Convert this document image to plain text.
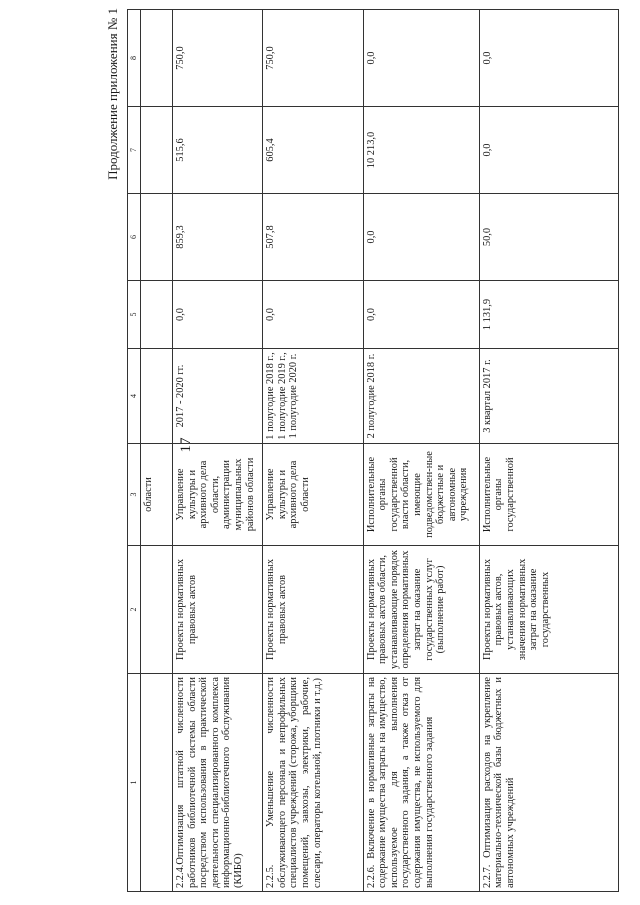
17
Продолжение приложения № 1
1	2	3	4	5	6	7	8
		области					
2.2.4.Оптимизация штатной численности работников библиотечной системы области посредством использования в практической деятельности специализированного комплекса информационно-библиотечного обслуживания (КИБО)	Проекты нормативных правовых актов	Управление культуры и архивного дела области, администрации муниципальных районов области	2017 - 2020 гг.	0,0	859,3	515,6	750,0
2.2.5. Уменьшение численности обслуживающего персонала и непрофильных специалистов учреждений (сторожа, уборщики помещений, завхозы, электрики, рабочие, слесари, операторы котельной, плотники и т.д.)	Проекты нормативных правовых актов	Управление культуры и архивного дела области	1 полугодие 2018 г., 1 полугодие 2019 г., 1 полугодие 2020 г.	0,0	507,8	605,4	750,0
2.2.6. Включение в нормативные затраты на содержание имущества затраты на имущество, используемое для выполнения государственного задания, а также отказ от содержания имущества, не используемого для выполнения государственного задания	Проекты нормативных правовых актов области, устанавливающие порядок определения нормативных затрат на оказание государственных услуг (выполнение работ)	Исполнительные органы государственной власти области, имеющие подведомствен-ные бюджетные и автономные учреждения	2 полугодие 2018 г.	0,0	0,0	10 213,0	0,0
2.2.7. Оптимизация расходов на укрепление материально-технической базы бюджетных и автономных учреждений	Проекты нормативных правовых актов, устанавливающих значения нормативных затрат на оказание государственных	Исполнительные органы государственной	3 квартал 2017 г.	1 131,9	50,0	0,0	0,0
